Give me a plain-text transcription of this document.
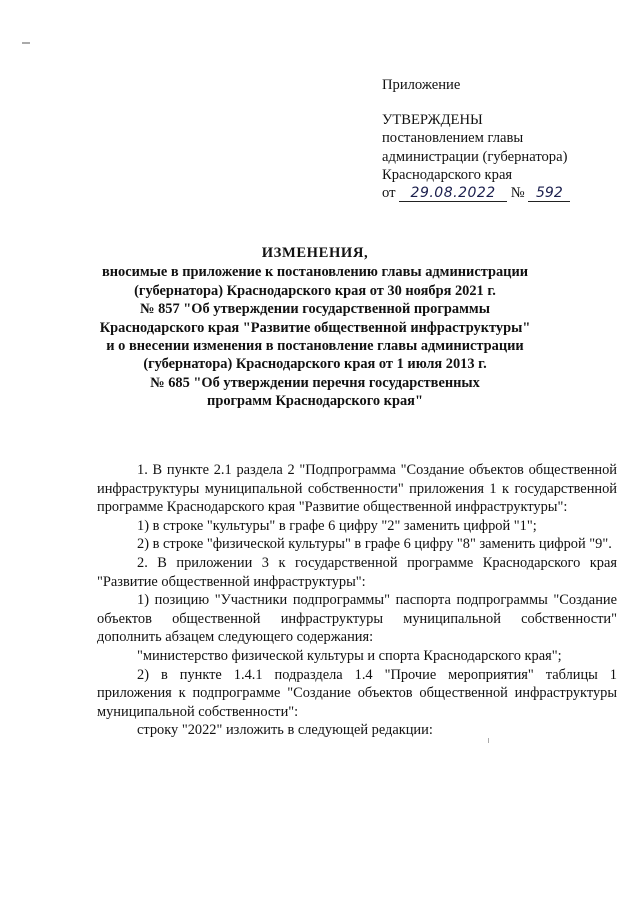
Приложение
УТВЕРЖДЕНЫ
постановлением главы
администрации (губернатора)
Краснодарского края
от 29.08.2022 № 592
ИЗМЕНЕНИЯ,
вносимые в приложение к постановлению главы администрации
(губернатора) Краснодарского края от 30 ноября 2021 г.
№ 857 "Об утверждении государственной программы
Краснодарского края "Развитие общественной инфраструктуры"
и о внесении изменения в постановление главы администрации
(губернатора) Краснодарского края от 1 июля 2013 г.
№ 685 "Об утверждении перечня государственных
программ Краснодарского края"

1. В пункте 2.1 раздела 2 "Подпрограмма "Создание объектов общественной инфраструктуры муниципальной собственности" приложения 1 к государственной программе Краснодарского края "Развитие общественной инфраструктуры":

1) в строке "культуры" в графе 6 цифру "2" заменить цифрой "1";

2) в строке "физической культуры" в графе 6 цифру "8" заменить цифрой "9".

2. В приложении 3 к государственной программе Краснодарского края "Развитие общественной инфраструктуры":

1) позицию "Участники подпрограммы" паспорта подпрограммы "Создание объектов общественной инфраструктуры муниципальной собственности" дополнить абзацем следующего содержания:

"министерство физической культуры и спорта Краснодарского края";

2) в пункте 1.4.1 подраздела 1.4 "Прочие мероприятия" таблицы 1 приложения к подпрограмме "Создание объектов общественной инфраструктуры муниципальной собственности":

строку "2022" изложить в следующей редакции:
